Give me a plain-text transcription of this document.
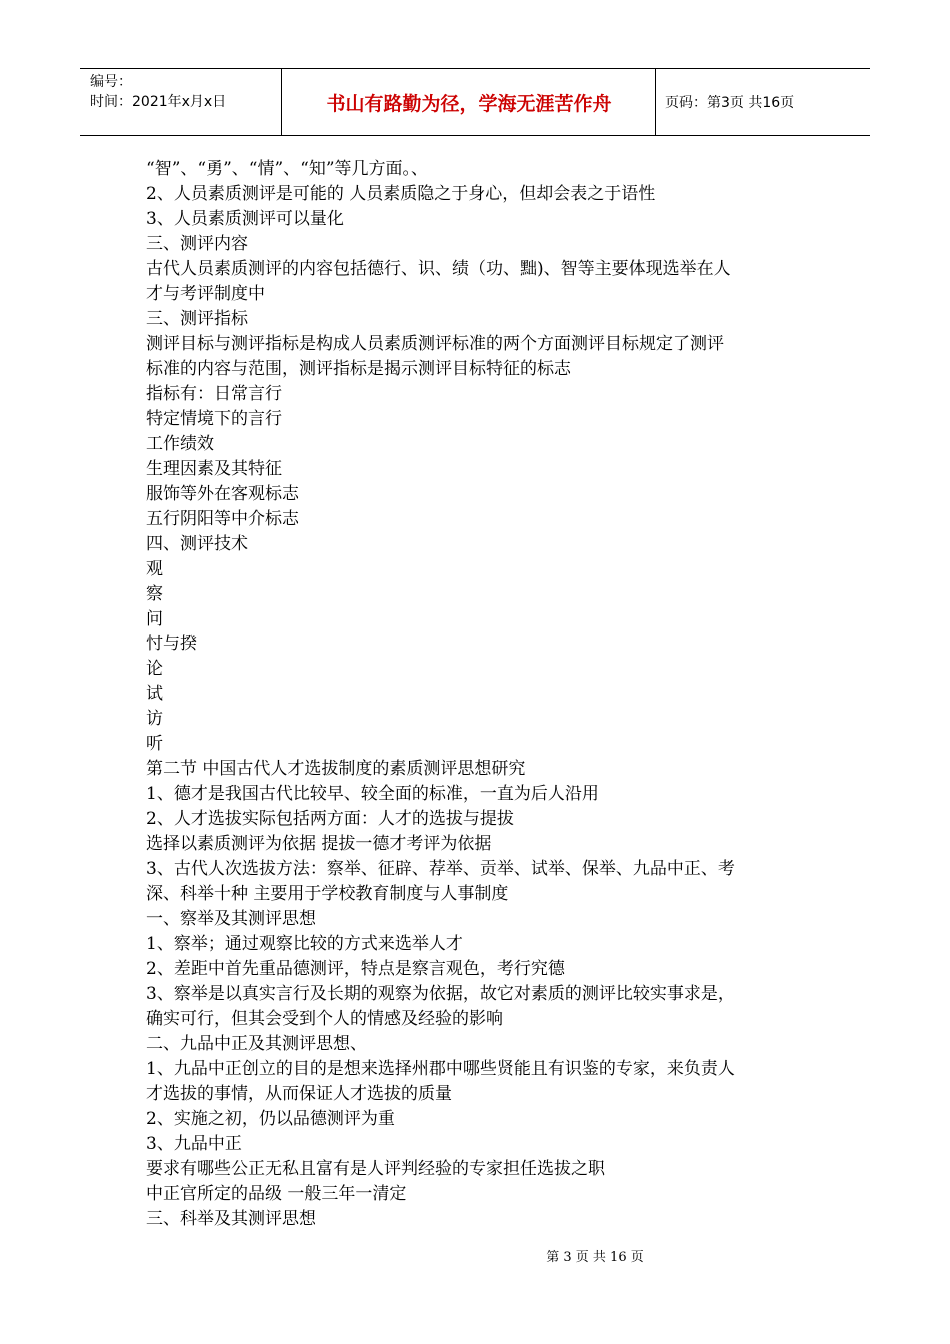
编号：
时间：2021年x月x日	书山有路勤为径，学海无涯苦作舟	页码：第3页 共16页
“智”、“勇”、“情”、“知”等几方面。、
2、人员素质测评是可能的 人员素质隐之于身心，但却会表之于语性
3、人员素质测评可以量化
三、测评内容
古代人员素质测评的内容包括德行、识、绩（功、黜)、智等主要体现选举在人
才与考评制度中
三、测评指标
测评目标与测评指标是构成人员素质测评标准的两个方面测评目标规定了测评
标准的内容与范围，测评指标是揭示测评目标特征的标志
指标有：日常言行
特定情境下的言行
工作绩效
生理因素及其特征
服饰等外在客观标志
五行阴阳等中介标志
四、测评技术
观
察
问
忖与揆
论
试
访
听
第二节 中国古代人才选拔制度的素质测评思想研究
1、德才是我国古代比较早、较全面的标准，一直为后人沿用
2、人才选拔实际包括两方面：人才的选拔与提拔
选择以素质测评为依据 提拔一德才考评为依据
3、古代人次选拔方法：察举、征辟、荐举、贡举、试举、保举、九品中正、考
深、科举十种 主要用于学校教育制度与人事制度
一、察举及其测评思想
1、察举；通过观察比较的方式来选举人才
2、差距中首先重品德测评，特点是察言观色，考行究德
3、察举是以真实言行及长期的观察为依据，故它对素质的测评比较实事求是，
确实可行，但其会受到个人的情感及经验的影响
二、九品中正及其测评思想、
1、九品中正创立的目的是想来选择州郡中哪些贤能且有识鉴的专家，来负责人
才选拔的事情，从而保证人才选拔的质量
2、实施之初，仍以品德测评为重
3、九品中正
要求有哪些公正无私且富有是人评判经验的专家担任选拔之职
中正官所定的品级 一般三年一清定
三、科举及其测评思想
第 3 页 共 16 页
